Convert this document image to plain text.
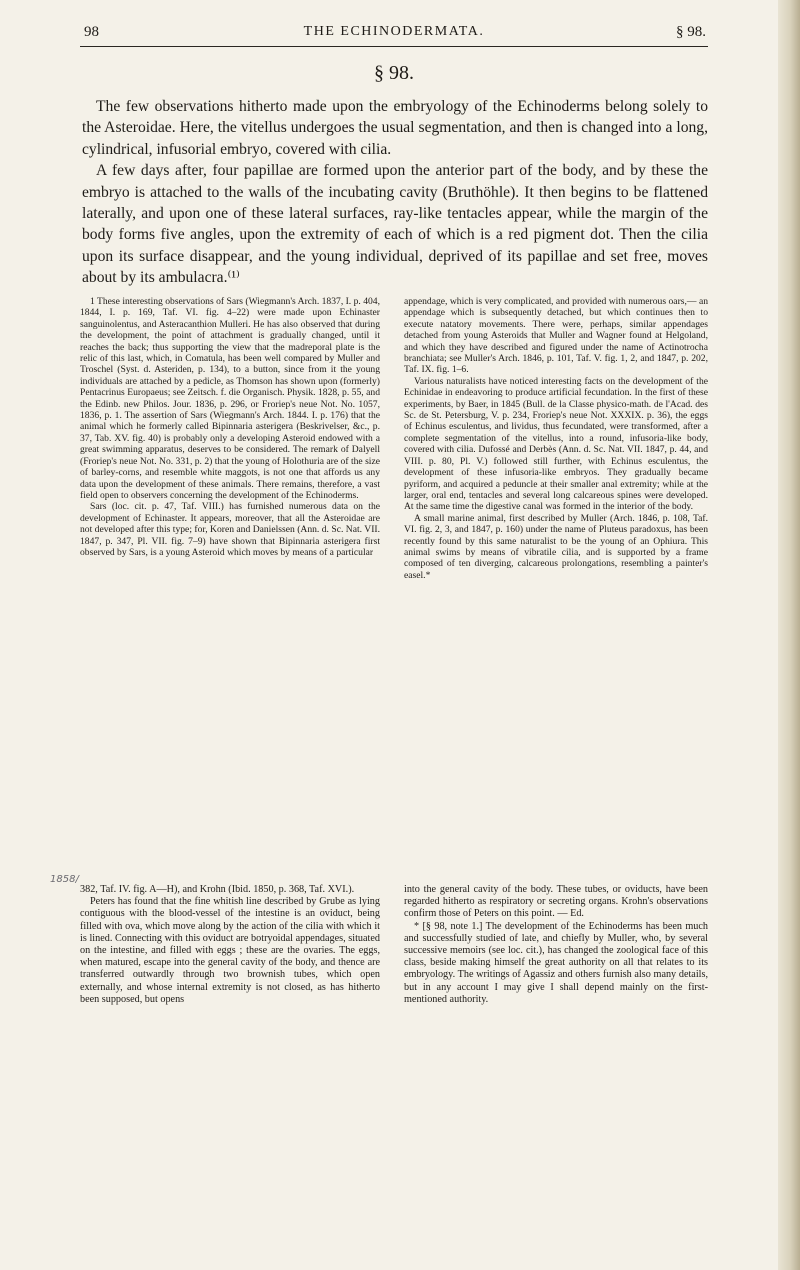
98	THE ECHINODERMATA.	§ 98.
§ 98.

The few observations hitherto made upon the embryology of the Echinoderms belong solely to the Asteroidae. Here, the vitellus undergoes the usual segmentation, and then is changed into a long, cylindrical, infusorial embryo, covered with cilia.

A few days after, four papillae are formed upon the anterior part of the body, and by these the embryo is attached to the walls of the incubating cavity (Bruthöhle). It then begins to be flattened laterally, and upon one of these lateral surfaces, ray-like tentacles appear, while the margin of the body forms five angles, upon the extremity of each of which is a red pigment dot. Then the cilia upon its surface disappear, and the young individual, deprived of its papillae and set free, moves about by its ambulacra.⁽¹⁾

1 These interesting observations of Sars (Wiegmann's Arch. 1837, I. p. 404, 1844, I. p. 169, Taf. VI. fig. 4–22) were made upon Echinaster sanguinolentus, and Asteracanthion Mulleri. He has also observed that during the development, the point of attachment is gradually changed, until it reaches the back; thus supporting the view that the madreporal plate is the relic of this last, which, in Comatula, has been well compared by Muller and Troschel (Syst. d. Asteriden, p. 134), to a button, since from it the young individuals are attached by a pedicle, as Thomson has shown upon (formerly) Pentacrinus Europaeus; see Zeitsch. f. die Organisch. Physik. 1828, p. 55, and the Edinb. new Philos. Jour. 1836, p. 296, or Froriep's neue Not. No. 1057, 1836, p. 1. The assertion of Sars (Wiegmann's Arch. 1844. I. p. 176) that the animal which he formerly called Bipinnaria asterigera (Beskrivelser, &c., p. 37, Tab. XV. fig. 40) is probably only a developing Asteroid endowed with a great swimming apparatus, deserves to be considered. The remark of Dalyell (Froriep's neue Not. No. 331, p. 2) that the young of Holothuria are of the size of barley-corns, and resemble white maggots, is not one that affords us any data upon the development of these animals. There remains, therefore, a vast field open to observers concerning the development of the Echinoderms.

Sars (loc. cit. p. 47, Taf. VIII.) has furnished numerous data on the development of Echinaster. It appears, moreover, that all the Asteroidae are not developed after this type; for, Koren and Danielssen (Ann. d. Sc. Nat. VII. 1847, p. 347, Pl. VII. fig. 7–9) have shown that Bipinnaria asterigera first observed by Sars, is a young Asteroid which moves by means of a particular

appendage, which is very complicated, and provided with numerous oars,— an appendage which is subsequently detached, but which continues then to execute natatory movements. There were, perhaps, similar appendages detached from young Asteroids that Muller and Wagner found at Helgoland, and which they have described and figured under the name of Actinotrocha branchiata; see Muller's Arch. 1846, p. 101, Taf. V. fig. 1, 2, and 1847, p. 202, Taf. IX. fig. 1–6.

Various naturalists have noticed interesting facts on the development of the Echinidae in endeavoring to produce artificial fecundation. In the first of these experiments, by Baer, in 1845 (Bull. de la Classe physico-math. de l'Acad. des Sc. de St. Petersburg, V. p. 234, Froriep's neue Not. XXXIX. p. 36), the eggs of Echinus esculentus, and lividus, thus fecundated, were transformed, after a complete segmentation of the vitellus, into a round, infusoria-like body, covered with cilia. Dufossé and Derbès (Ann. d. Sc. Nat. VII. 1847, p. 44, and VIII. p. 80, Pl. V.) followed still further, with Echinus esculentus, the development of these infusoria-like embryos. They gradually became pyriform, and acquired a peduncle at their smaller anal extremity; while at the larger, oral end, tentacles and several long calcareous spines were developed. At the same time the digestive canal was formed in the interior of the body.

A small marine animal, first described by Muller (Arch. 1846, p. 108, Taf. VI. fig. 2, 3, and 1847, p. 160) under the name of Pluteus paradoxus, has been recently found by this same naturalist to be the young of an Ophiura. This animal swims by means of vibratile cilia, and is supported by a frame composed of ten diverging, calcareous prolongations, resembling a painter's easel.*

1858/

382, Taf. IV. fig. A—H), and Krohn (Ibid. 1850, p. 368, Taf. XVI.).

Peters has found that the fine whitish line described by Grube as lying contiguous with the blood-vessel of the intestine is an oviduct, being filled with ova, which move along by the action of the cilia with which it is lined. Connecting with this oviduct are botryoidal appendages, situated on the intestine, and filled with eggs ; these are the ovaries. The eggs, when matured, escape into the general cavity of the body, and thence are transferred outwardly through two brownish tubes, which open externally, and whose internal extremity is not closed, as has hitherto been supposed, but opens

into the general cavity of the body. These tubes, or oviducts, have been regarded hitherto as respiratory or secreting organs. Krohn's observations confirm those of Peters on this point. — Ed.

* [§ 98, note 1.] The development of the Echinoderms has been much and successfully studied of late, and chiefly by Muller, who, by several successive memoirs (see loc. cit.), has changed the zoological face of this class, beside making himself the great authority on all that relates to its embryology. The writings of Agassiz and others furnish also many details, but in any account I may give I shall depend mainly on the first-mentioned authority.
